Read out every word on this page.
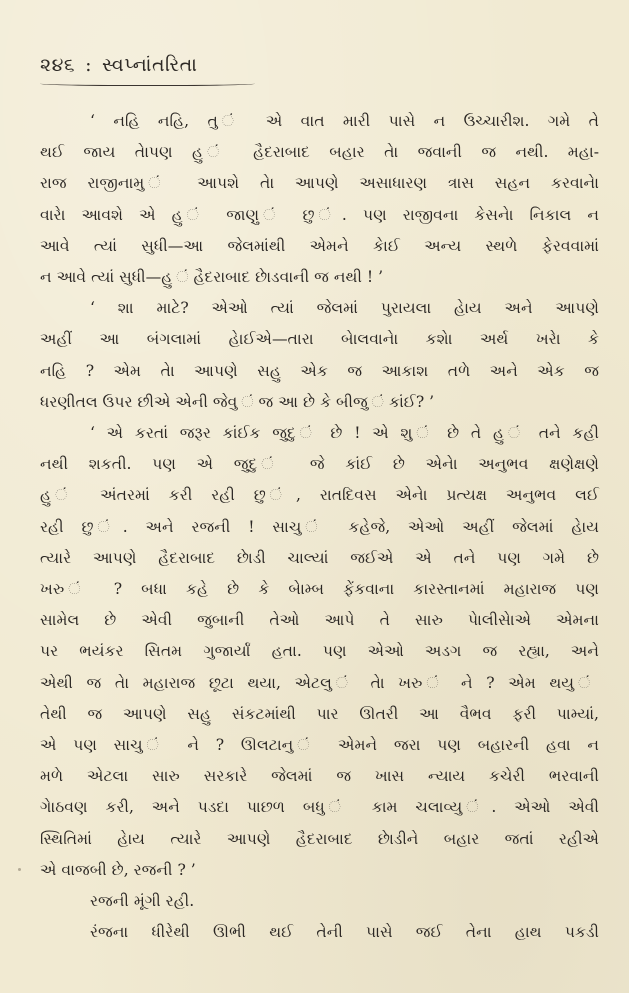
૨૪૬ : સ્વપ્નાંતરિતા

‘ નહિ નહિ, તુ ં એ વાત મારી પાસે ન ઉચ્ચારીશ. ગમે તે
થઈ જાય તેાપણ હુ ં હૈદરાબાદ બહાર તેા જવાની જ નથી. મહા-
રાજ રાજીનામુ ં આપશે તેા આપણે અસાધારણ ત્રાસ સહન કરવાનેા
વારેા આવશે એ હુ ં જાણુ ં છુ ં. પણ રાજીવના કેસનેા નિકાલ ન
આવે ત્યાં સુધી—આ જેલમાંથી એમને કેાઈ અન્ય સ્થળે ફેરવવામાં
ન આવે ત્યાં સુધી—હુ ં હૈદરાબાદ છેાડવાની જ નથી ! ’

‘ શા માટે? એઓ ત્યાં જેલમાં પુરાયલા હેાય અને આપણે
અહીં આ બંગલામાં હેાઈએ—તારા બેાલવાનેા કશેા અર્થ ખરેા કે
નહિ ? એમ તેા આપણે સહુ એક જ આકાશ તળે અને એક જ
ધરણીતલ ઉપર છીએ એની જેવુ ં જ આ છે કે બીજુ ં કાંઈ? ’

‘ એ કરતાં જરૂર કાંઈક જુદુ ં છે ! એ શુ ં છે તે હુ ં તને કહી
નથી શકતી. પણ એ જુદુ ં જે કાંઈ છે એનેા અનુભવ ક્ષણેક્ષણે
હુ ં અંતરમાં કરી રહી છુ ં, રાતદિવસ એનેા પ્રત્યક્ષ અનુભવ લઈ
રહી છુ ં. અને રજની ! સાચુ ં કહેજે, એઓ અહીં જેલમાં હેાય
ત્યારે આપણે હૈદરાબાદ છેાડી ચાલ્યાં જઈએ એ તને પણ ગમે છે
ખરુ ં ? બધા કહે છે કે બેામ્બ ફેંકવાના કારસ્તાનમાં મહારાજ પણ
સામેલ છે એવી જુબાની તેઓ આપે તે સારુ પેાલીસેાએ એમના
પર ભયંકર સિતમ ગુજાર્યાં હતા. પણ એઓ અડગ જ રહ્યા, અને
એથી જ તેા મહારાજ છૂટા થયા, એટલુ ં તેા ખરુ ં ને ? એમ થયુ ં
તેથી જ આપણે સહુ સંકટમાંથી પાર ઊતરી આ વૈભવ ફરી પામ્યાં,
એ પણ સાચુ ં ને ? ઊલટાનુ ં એમને જરા પણ બહારની હવા ન
મળે એટલા સારુ સરકારે જેલમાં જ ખાસ ન્યાય કચેરી ભરવાની
ગેાઠવણ કરી, અને પડદા પાછળ બધુ ં કામ ચલાવ્યુ ં. એઓ એવી
સ્થિતિમાં હેાય ત્યારે આપણે હૈદરાબાદ છેાડીને બહાર જતાં રહીએ
એ વાજબી છે, રજની ? ’

રજની મૂંગી રહી.

રંજના ધીરેથી ઊભી થઈ તેની પાસે જઈ તેના હાથ પકડી
